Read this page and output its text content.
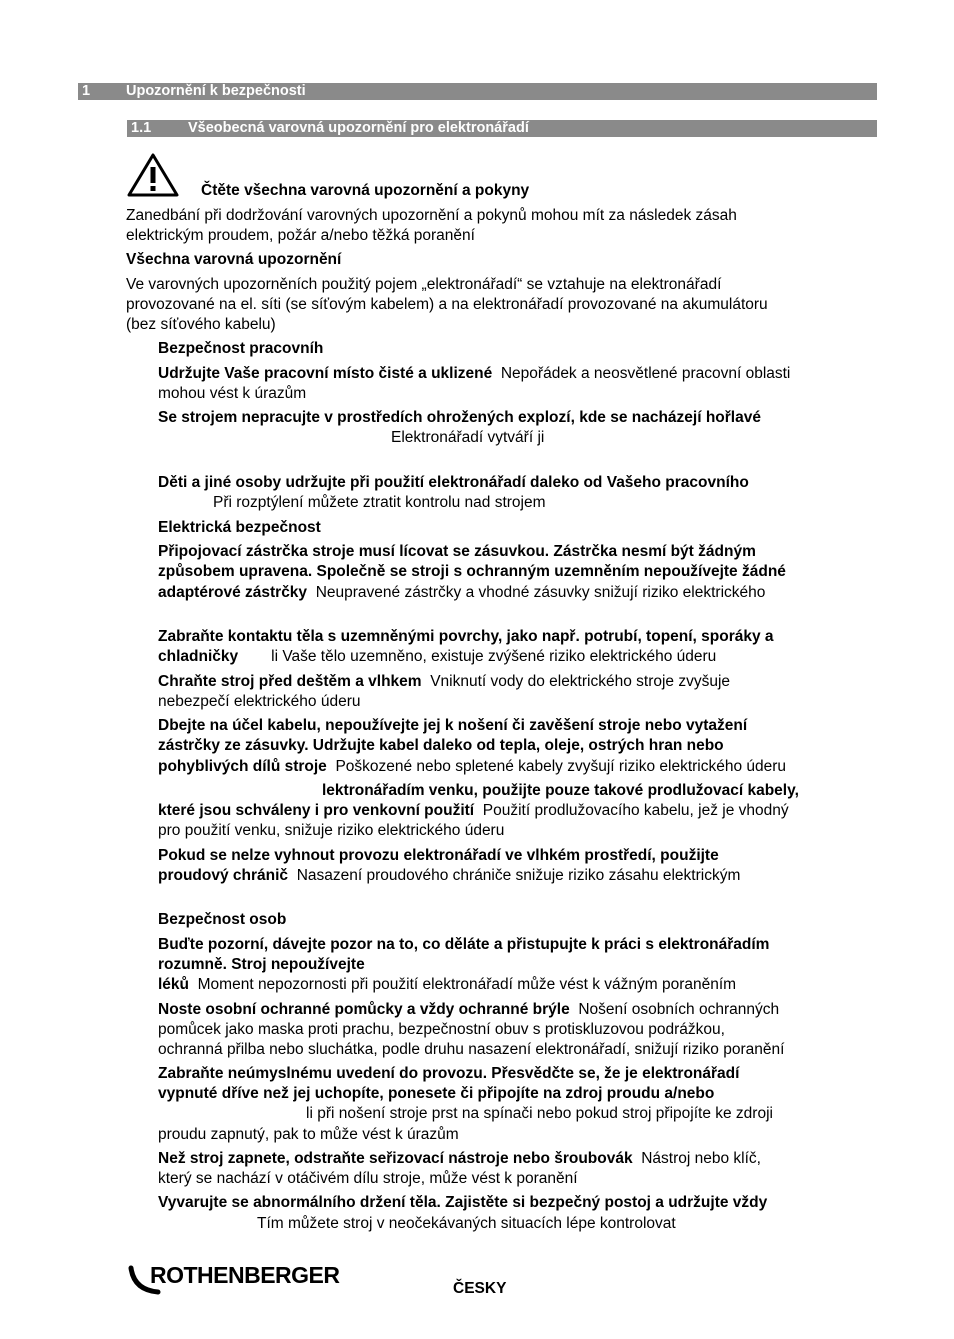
1 Upozornění k bezpečnosti
1.1	Všeobecná varovná upozornění pro elektronářadí
Čtěte všechna varovná upozornění a pokyny
Zanedbání při dodržování varovných upozornění a pokynů mohou mít za následek zásah
elektrickým proudem, požár a/nebo těžká poranění
Všechna varovná upozornění
Ve varovných upozorněních použitý pojem „elektronářadí“ se vztahuje na elektronářadí
provozované na el. síti (se síťovým kabelem) a na elektronářadí provozované na akumulátoru
(bez síťového kabelu)
Bezpečnost pracovníh
Udržujte Vaše pracovní místo čisté a uklizené Nepořádek a neosvětlené pracovní oblasti
mohou vést k úrazům
Se strojem nepracujte v prostředích ohrožených explozí, kde se nacházejí hořlavé
Elektronářadí vytváří ji
Děti a jiné osoby udržujte při použití elektronářadí daleko od Vašeho pracovního
Při rozptýlení můžete ztratit kontrolu nad strojem
Elektrická bezpečnost
Připojovací zástrčka stroje musí lícovat se zásuvkou. Zástrčka nesmí být žádným
způsobem upravena. Společně se stroji s ochranným uzemněním nepoužívejte žádné
adaptérové zástrčky Neupravené zástrčky a vhodné zásuvky snižují riziko elektrického
Zabraňte kontaktu těla s uzemněnými povrchy, jako např. potrubí, topení, sporáky a
chladničky li Vaše tělo uzemněno, existuje zvýšené riziko elektrického úderu
Chraňte stroj před deštěm a vlhkem Vniknutí vody do elektrického stroje zvyšuje
nebezpečí elektrického úderu
Dbejte na účel kabelu, nepoužívejte jej k nošení či zavěšení stroje nebo vytažení
zástrčky ze zásuvky. Udržujte kabel daleko od tepla, oleje, ostrých hran nebo
pohyblivých dílů stroje Poškozené nebo spletené kabely zvyšují riziko elektrického úderu
lektronářadím venku, použijte pouze takové prodlužovací kabely,
které jsou schváleny i pro venkovní použití Použití prodlužovacího kabelu, jež je vhodný
pro použití venku, snižuje riziko elektrického úderu
Pokud se nelze vyhnout provozu elektronářadí ve vlhkém prostředí, použijte
proudový chránič Nasazení proudového chrániče snižuje riziko zásahu elektrickým
Bezpečnost osob
Buďte pozorní, dávejte pozor na to, co děláte a přistupujte k práci s elektronářadím
rozumně. Stroj nepoužívejte
léků Moment nepozornosti při použití elektronářadí může vést k vážným poraněním
Noste osobní ochranné pomůcky a vždy ochranné brýle Nošení osobních ochranných
pomůcek jako maska proti prachu, bezpečnostní obuv s protiskluzovou podrážkou,
ochranná přilba nebo sluchátka, podle druhu nasazení elektronářadí, snižují riziko poranění
Zabraňte neúmyslnému uvedení do provozu. Přesvědčte se, že je elektronářadí
vypnuté dříve než jej uchopíte, ponesete či připojíte na zdroj proudu a/nebo
li při nošení stroje prst na spínači nebo pokud stroj připojíte ke zdroji
proudu zapnutý, pak to může vést k úrazům
Než stroj zapnete, odstraňte seřizovací nástroje nebo šroubovák Nástroj nebo klíč,
který se nachází v otáčivém dílu stroje, může vést k poranění
Vyvarujte se abnormálního držení těla. Zajistěte si bezpečný postoj a udržujte vždy
Tím můžete stroj v neočekávaných situacích lépe kontrolovat
ROTHENBERGER
ČESKY
